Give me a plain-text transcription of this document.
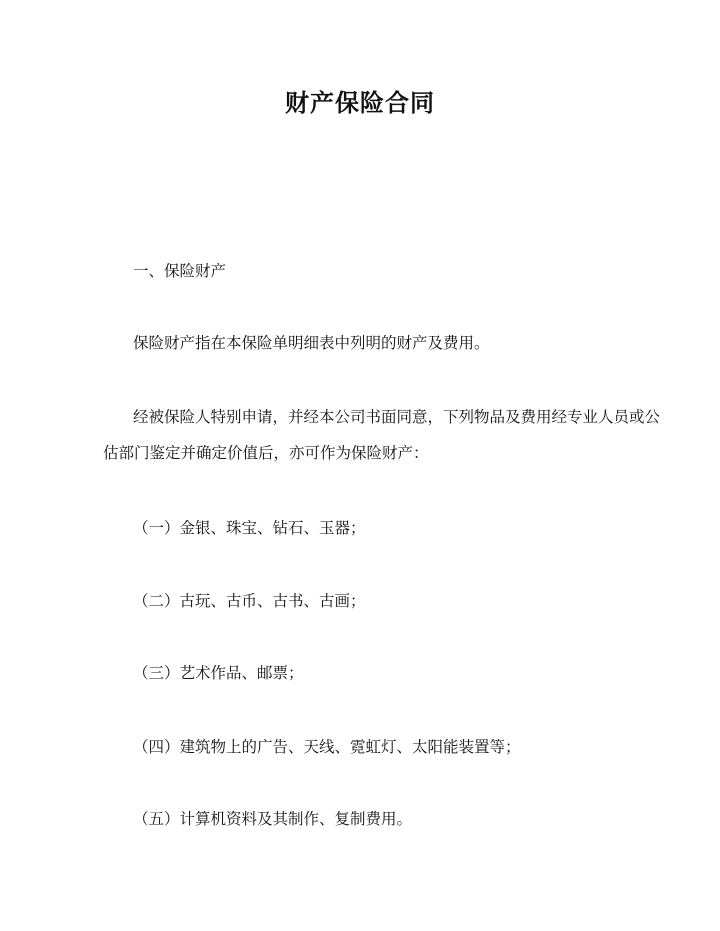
财产保险合同
一、保险财产
保险财产指在本保险单明细表中列明的财产及费用。
经被保险人特别申请，并经本公司书面同意，下列物品及费用经专业人员或公
估部门鉴定并确定价值后，亦可作为保险财产：
（一）金银、珠宝、钻石、玉器；
（二）古玩、古币、古书、古画；
（三）艺术作品、邮票；
（四）建筑物上的广告、天线、霓虹灯、太阳能装置等；
（五）计算机资料及其制作、复制费用。
